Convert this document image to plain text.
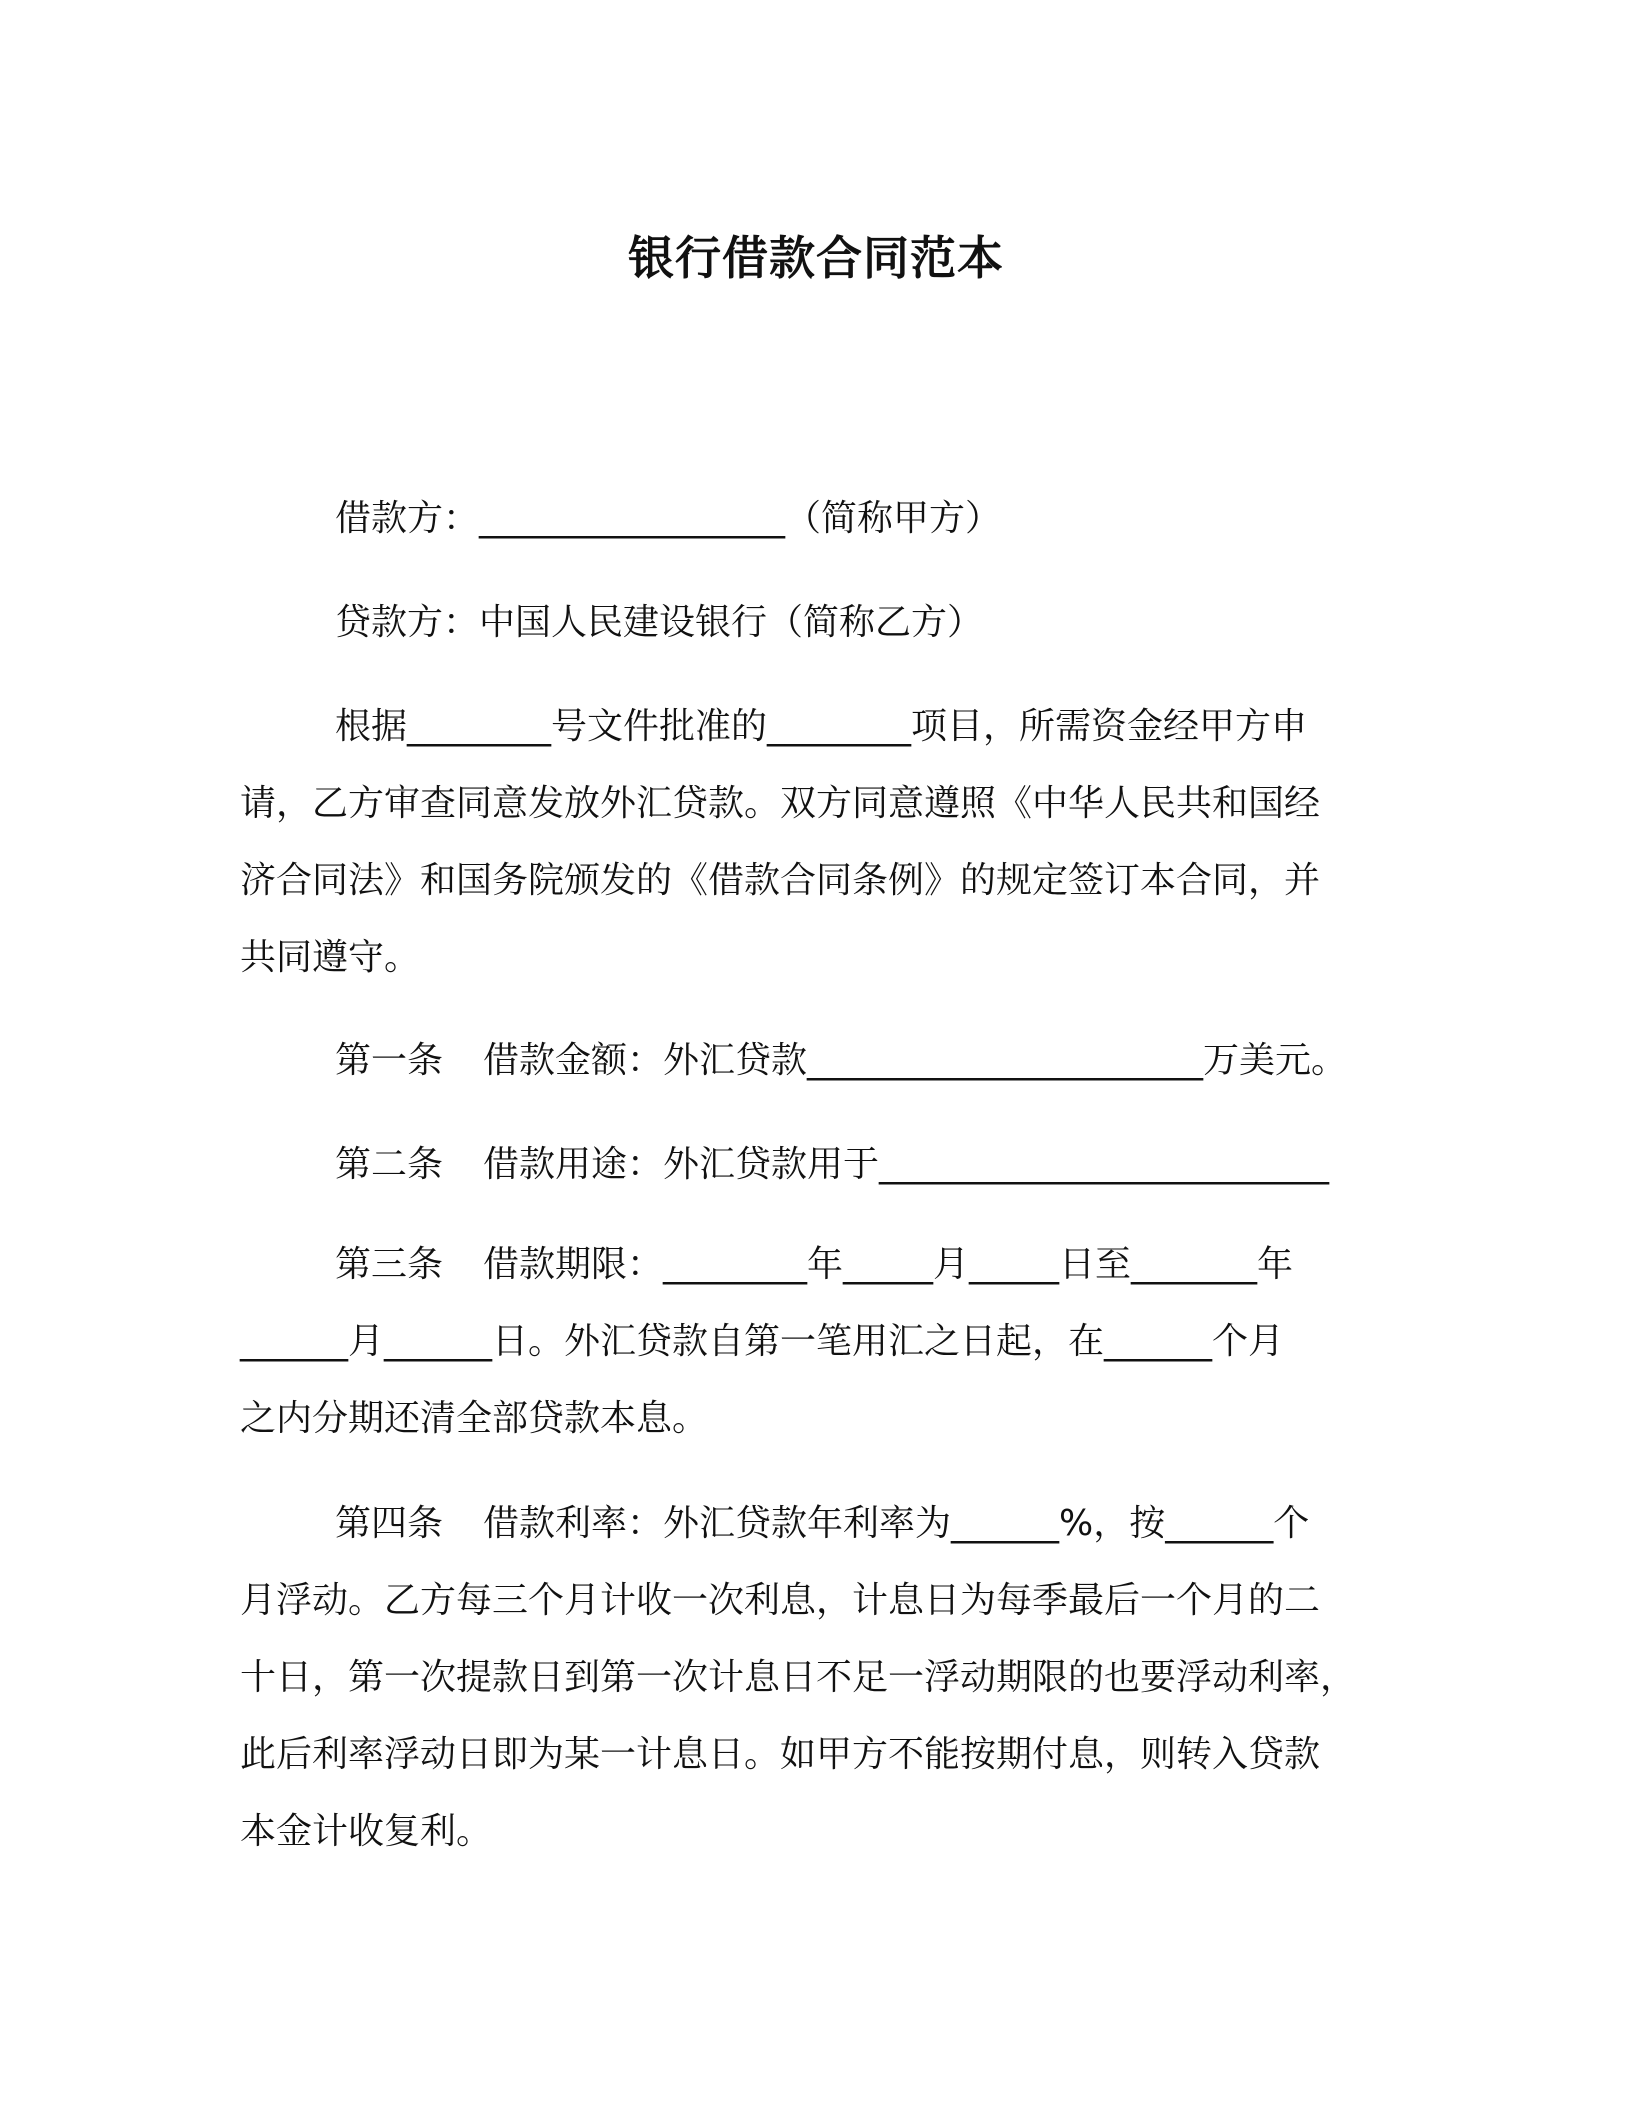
银行借款合同范本
借款方：_________________（简称甲方）
贷款方：中国人民建设银行（简称乙方）
根据________号文件批准的________项目，所需资金经甲方申
请，乙方审查同意发放外汇贷款。双方同意遵照《中华人民共和国经
济合同法》和国务院颁发的《借款合同条例》的规定签订本合同，并
共同遵守。
第一条 借款金额：外汇贷款______________________万美元。
第二条 借款用途：外汇贷款用于_________________________
第三条 借款期限：________年_____月_____日至_______年
______月______日。外汇贷款自第一笔用汇之日起，在______个月
之内分期还清全部贷款本息。
第四条 借款利率：外汇贷款年利率为______%，按______个
月浮动。乙方每三个月计收一次利息，计息日为每季最后一个月的二
十日，第一次提款日到第一次计息日不足一浮动期限的也要浮动利率，
此后利率浮动日即为某一计息日。如甲方不能按期付息，则转入贷款
本金计收复利。
